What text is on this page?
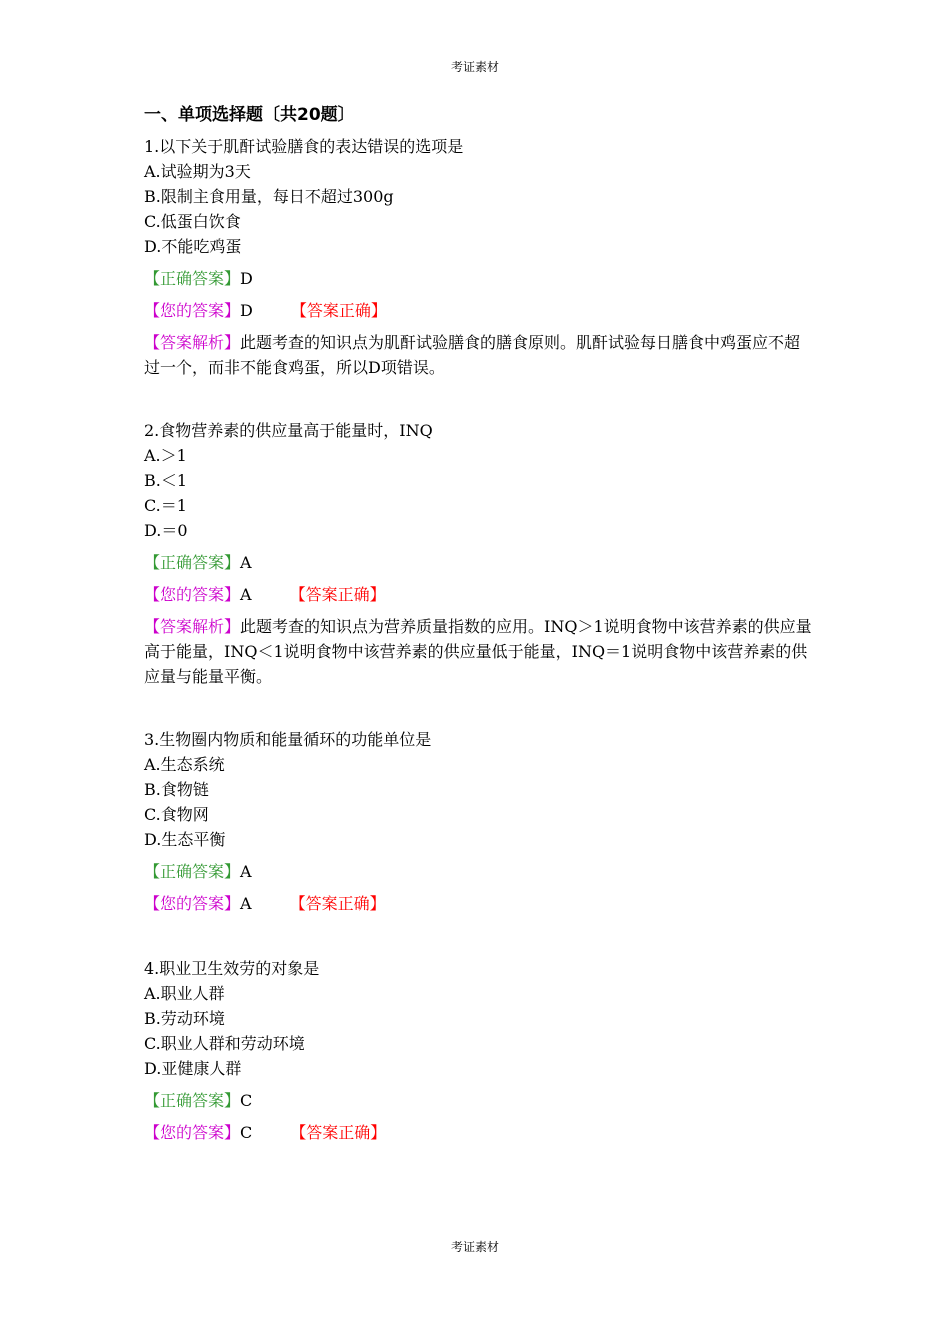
考证素材
一、单项选择题〔共20题〕
1.以下关于肌酐试验膳食的表达错误的选项是
A.试验期为3天
B.限制主食用量，每日不超过300g
C.低蛋白饮食
D.不能吃鸡蛋
【正确答案】D
【您的答案】D 【答案正确】
【答案解析】此题考查的知识点为肌酐试验膳食的膳食原则。肌酐试验每日膳食中鸡蛋应不超过一个，而非不能食鸡蛋，所以D项错误。
2.食物营养素的供应量高于能量时，INQ
A.＞1
B.＜1
C.＝1
D.＝0
【正确答案】A
【您的答案】A 【答案正确】
【答案解析】此题考查的知识点为营养质量指数的应用。INQ＞1说明食物中该营养素的供应量高于能量，INQ＜1说明食物中该营养素的供应量低于能量，INQ＝1说明食物中该营养素的供应量与能量平衡。
3.生物圈内物质和能量循环的功能单位是
A.生态系统
B.食物链
C.食物网
D.生态平衡
【正确答案】A
【您的答案】A 【答案正确】
4.职业卫生效劳的对象是
A.职业人群
B.劳动环境
C.职业人群和劳动环境
D.亚健康人群
【正确答案】C
【您的答案】C 【答案正确】
考证素材
